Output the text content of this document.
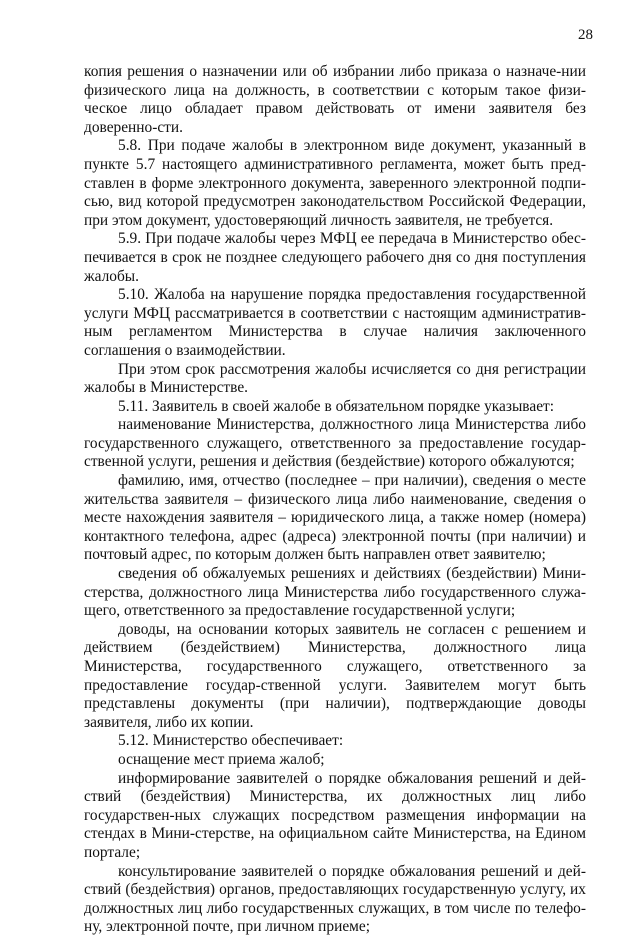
28

копия решения о назначении или об избрании либо приказа о назначе-нии физического лица на должность, в соответствии с которым такое физи-ческое лицо обладает правом действовать от имени заявителя без доверенно-сти.

5.8. При подаче жалобы в электронном виде документ, указанный в пункте 5.7 настоящего административного регламента, может быть пред-ставлен в форме электронного документа, заверенного электронной подпи-сью, вид которой предусмотрен законодательством Российской Федерации, при этом документ, удостоверяющий личность заявителя, не требуется.

5.9. При подаче жалобы через МФЦ ее передача в Министерство обес-печивается в срок не позднее следующего рабочего дня со дня поступления жалобы.

5.10. Жалоба на нарушение порядка предоставления государственной услуги МФЦ рассматривается в соответствии с настоящим административ-ным регламентом Министерства в случае наличия заключенного соглашения о взаимодействии.

При этом срок рассмотрения жалобы исчисляется со дня регистрации жалобы в Министерстве.

5.11. Заявитель в своей жалобе в обязательном порядке указывает:

наименование Министерства, должностного лица Министерства либо государственного служащего, ответственного за предоставление государ-ственной услуги, решения и действия (бездействие) которого обжалуются;

фамилию, имя, отчество (последнее – при наличии), сведения о месте жительства заявителя – физического лица либо наименование, сведения о месте нахождения заявителя – юридического лица, а также номер (номера) контактного телефона, адрес (адреса) электронной почты (при наличии) и почтовый адрес, по которым должен быть направлен ответ заявителю;

сведения об обжалуемых решениях и действиях (бездействии) Мини-стерства, должностного лица Министерства либо государственного служа-щего, ответственного за предоставление государственной услуги;

доводы, на основании которых заявитель не согласен с решением и действием (бездействием) Министерства, должностного лица Министерства, государственного служащего, ответственного за предоставление государ-ственной услуги. Заявителем могут быть представлены документы (при наличии), подтверждающие доводы заявителя, либо их копии.

5.12. Министерство обеспечивает:

оснащение мест приема жалоб;

информирование заявителей о порядке обжалования решений и дей-ствий (бездействия) Министерства, их должностных лиц либо государствен-ных служащих посредством размещения информации на стендах в Мини-стерстве, на официальном сайте Министерства, на Едином портале;

консультирование заявителей о порядке обжалования решений и дей-ствий (бездействия) органов, предоставляющих государственную услугу, их должностных лиц либо государственных служащих, в том числе по телефо-ну, электронной почте, при личном приеме;
